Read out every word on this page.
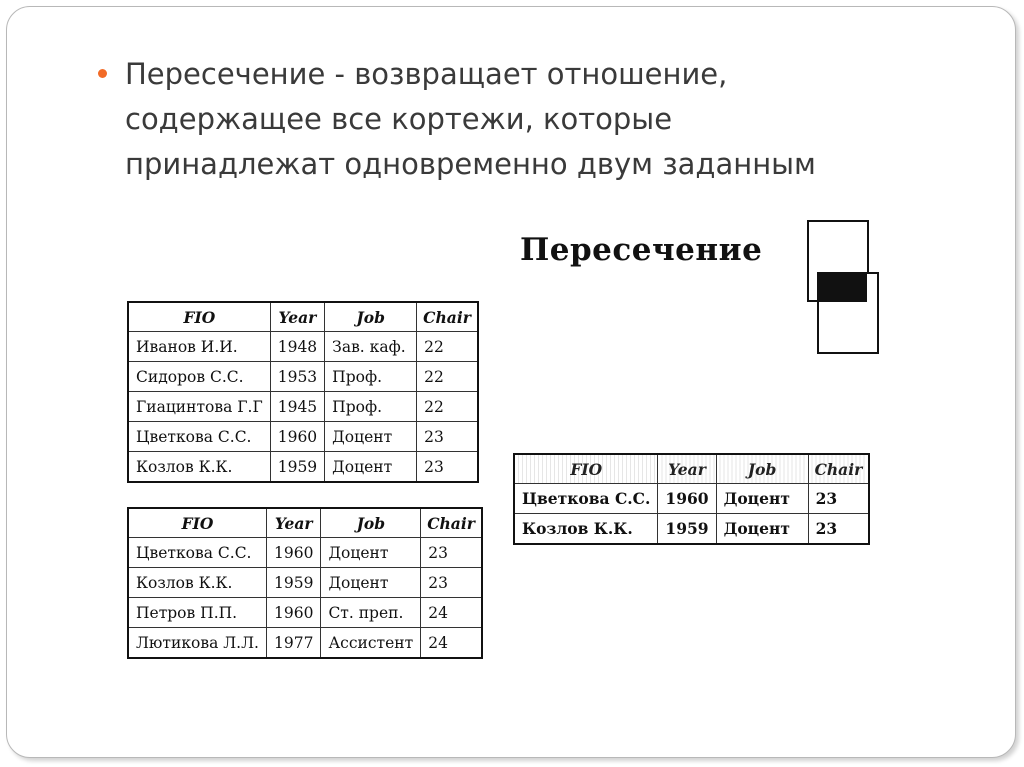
Пересечение - возвращает отношение,
содержащее все кортежи, которые
принадлежат одновременно двум заданным

Пересечение
FIO	Year	Job	Chair
Иванов И.И.	1948	Зав. каф.	22
Сидоров С.С.	1953	Проф.	22
Гиацинтова Г.Г	1945	Проф.	22
Цветкова С.С.	1960	Доцент	23
Козлов К.К.	1959	Доцент	23
FIO	Year	Job	Chair
Цветкова С.С.	1960	Доцент	23
Козлов К.К.	1959	Доцент	23
Петров П.П.	1960	Ст. преп.	24
Лютикова Л.Л.	1977	Ассистент	24
FIO	Year	Job	Chair
Цветкова С.С.	1960	Доцент	23
Козлов К.К.	1959	Доцент	23
